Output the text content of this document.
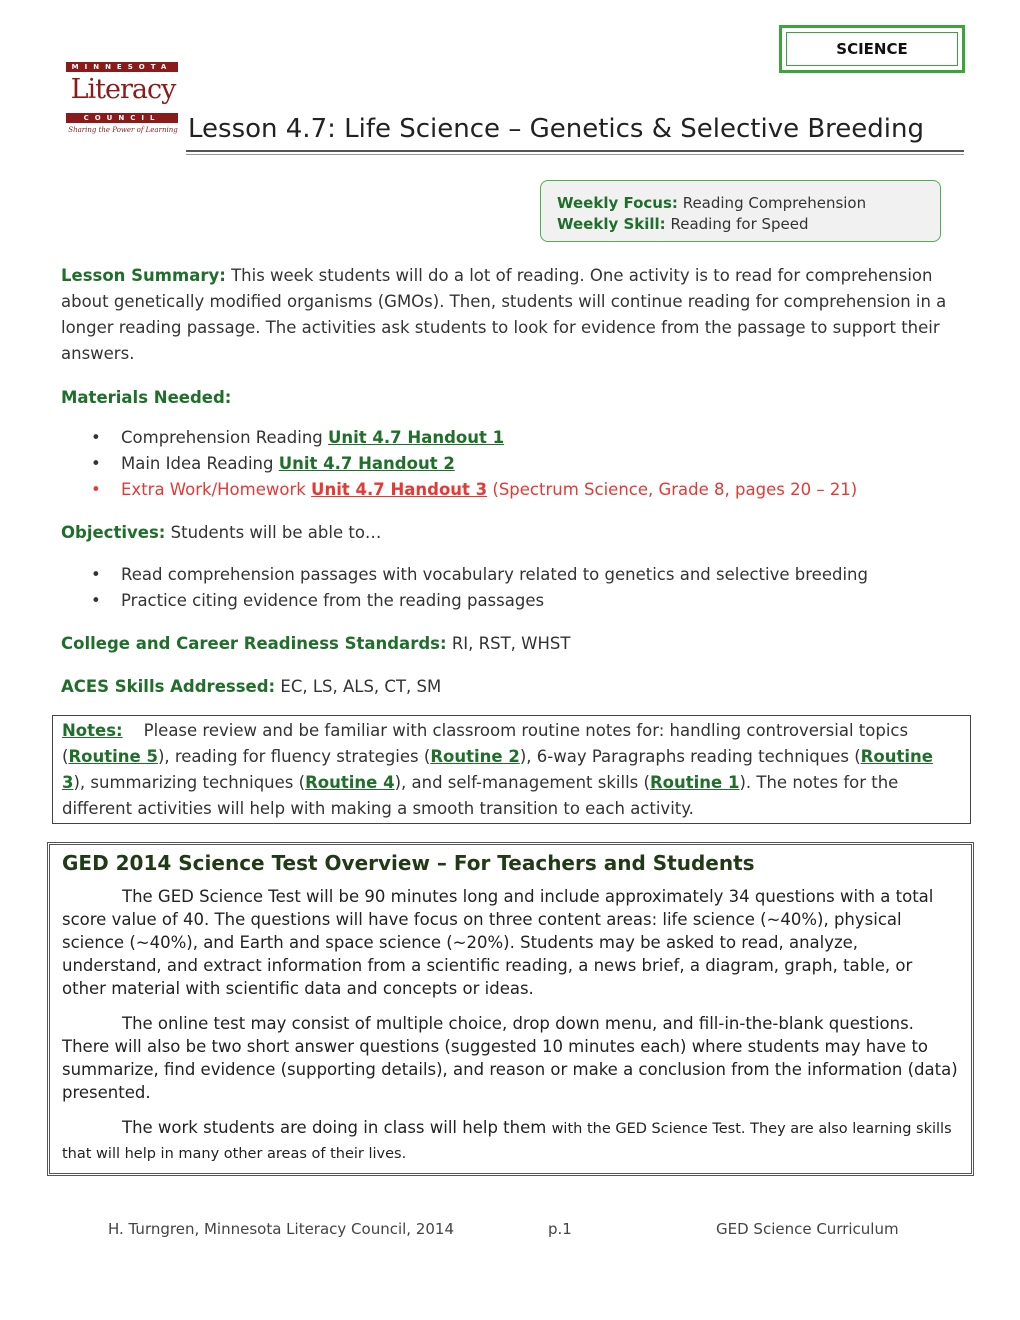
SCIENCE
MINNESOTA
Literacy
COUNCIL
Sharing the Power of Learning Lesson 4.7: Life Science – Genetics & Selective Breeding
Weekly Focus: Reading Comprehension
Weekly Skill: Reading for Speed
Lesson Summary: This week students will do a lot of reading. One activity is to read for comprehension about genetically modified organisms (GMOs). Then, students will continue reading for comprehension in a longer reading passage. The activities ask students to look for evidence from the passage to support their answers.
Materials Needed:
• Comprehension Reading Unit 4.7 Handout 1
• Main Idea Reading Unit 4.7 Handout 2
• Extra Work/Homework Unit 4.7 Handout 3 (Spectrum Science, Grade 8, pages 20 – 21)
Objectives: Students will be able to…
• Read comprehension passages with vocabulary related to genetics and selective breeding
• Practice citing evidence from the reading passages
College and Career Readiness Standards: RI, RST, WHST
ACES Skills Addressed: EC, LS, ALS, CT, SM
Notes: Please review and be familiar with classroom routine notes for: handling controversial topics (Routine 5), reading for fluency strategies (Routine 2), 6-way Paragraphs reading techniques (Routine 3), summarizing techniques (Routine 4), and self-management skills (Routine 1). The notes for the different activities will help with making a smooth transition to each activity.
GED 2014 Science Test Overview – For Teachers and Students

The GED Science Test will be 90 minutes long and include approximately 34 questions with a total score value of 40. The questions will have focus on three content areas: life science (~40%), physical science (~40%), and Earth and space science (~20%). Students may be asked to read, analyze, understand, and extract information from a scientific reading, a news brief, a diagram, graph, table, or other material with scientific data and concepts or ideas.

The online test may consist of multiple choice, drop down menu, and fill-in-the-blank questions. There will also be two short answer questions (suggested 10 minutes each) where students may have to summarize, find evidence (supporting details), and reason or make a conclusion from the information (data) presented.

The work students are doing in class will help them with the GED Science Test. They are also learning skills that will help in many other areas of their lives.

H. Turngren, Minnesota Literacy Council, 2014	p.1	GED Science Curriculum
